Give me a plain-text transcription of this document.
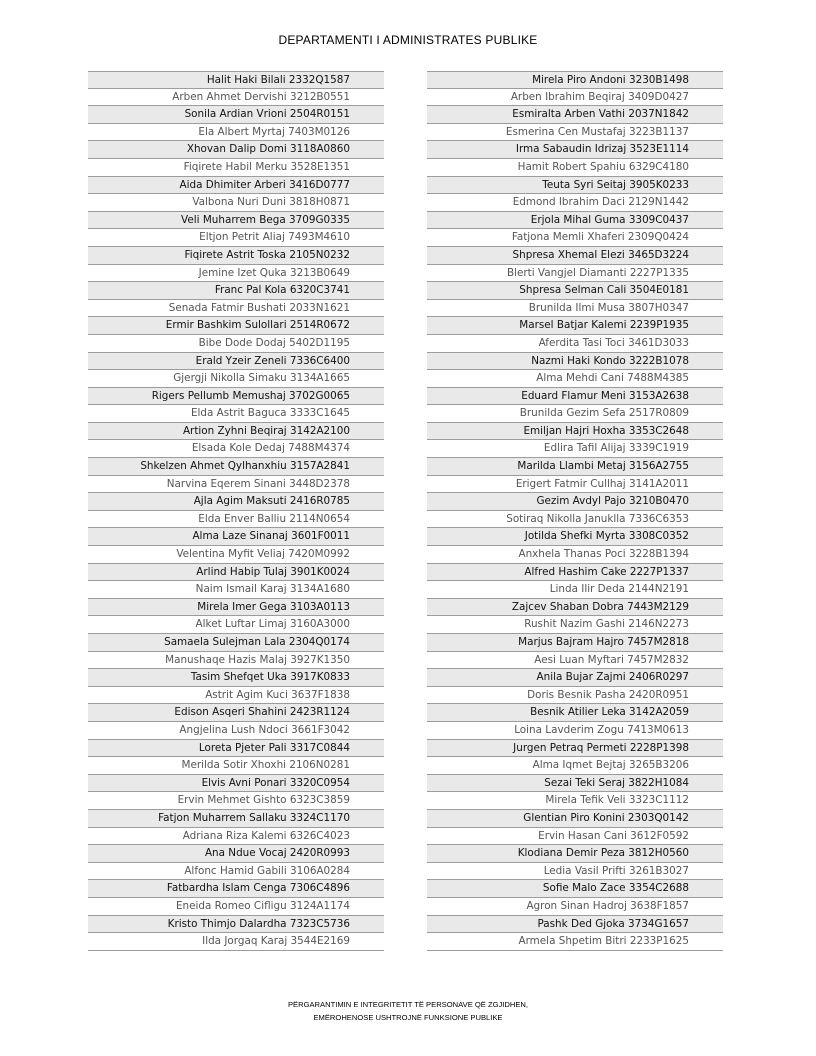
DEPARTAMENTI I ADMINISTRATES PUBLIKE
Halit Haki Bilali 2332Q1587
Arben Ahmet Dervishi 3212B0551
Sonila Ardian Vrioni 2504R0151
Ela Albert Myrtaj 7403M0126
Xhovan Dalip Domi 3118A0860
Fiqirete Habil Merku 3528E1351
Aida Dhimiter Arberi 3416D0777
Valbona Nuri Duni 3818H0871
Veli Muharrem Bega 3709G0335
Eltjon Petrit Aliaj 7493M4610
Fiqirete Astrit Toska 2105N0232
Jemine Izet Quka 3213B0649
Franc Pal Kola 6320C3741
Senada Fatmir Bushati 2033N1621
Ermir Bashkim Sulollari 2514R0672
Bibe Dode Dodaj 5402D1195
Erald Yzeir Zeneli 7336C6400
Gjergji Nikolla Simaku 3134A1665
Rigers Pellumb Memushaj 3702G0065
Elda Astrit Baguca 3333C1645
Artion Zyhni Beqiraj 3142A2100
Elsada Kole Dedaj 7488M4374
Shkelzen Ahmet Qylhanxhiu 3157A2841
Narvina Eqerem Sinani 3448D2378
Ajla Agim Maksuti 2416R0785
Elda Enver Balliu 2114N0654
Alma Laze Sinanaj 3601F0011
Velentina Myfit Veliaj 7420M0992
Arlind Habip Tulaj 3901K0024
Naim Ismail Karaj 3134A1680
Mirela Imer Gega 3103A0113
Alket Luftar Limaj 3160A3000
Samaela Sulejman Lala 2304Q0174
Manushaqe Hazis Malaj 3927K1350
Tasim Shefqet Uka 3917K0833
Astrit Agim Kuci 3637F1838
Edison Asqeri Shahini 2423R1124
Angjelina Lush Ndoci 3661F3042
Loreta Pjeter Pali 3317C0844
Merilda Sotir Xhoxhi 2106N0281
Elvis Avni Ponari 3320C0954
Ervin Mehmet Gishto 6323C3859
Fatjon Muharrem Sallaku 3324C1170
Adriana Riza Kalemi 6326C4023
Ana Ndue Vocaj 2420R0993
Alfonc Hamid Gabili 3106A0284
Fatbardha Islam Cenga 7306C4896
Eneida Romeo Cifligu 3124A1174
Kristo Thimjo Dalardha 7323C5736
Ilda Jorgaq Karaj 3544E2169
Mirela Piro Andoni 3230B1498
Arben Ibrahim Beqiraj 3409D0427
Esmiralta Arben Vathi 2037N1842
Esmerina Cen Mustafaj 3223B1137
Irma Sabaudin Idrizaj 3523E1114
Hamit Robert Spahiu 6329C4180
Teuta Syri Seitaj 3905K0233
Edmond Ibrahim Daci 2129N1442
Erjola Mihal Guma 3309C0437
Fatjona Memli Xhaferi 2309Q0424
Shpresa Xhemal Elezi 3465D3224
Blerti Vangjel Diamanti 2227P1335
Shpresa Selman Cali 3504E0181
Brunilda Ilmi Musa 3807H0347
Marsel Batjar Kalemi 2239P1935
Aferdita Tasi Toci 3461D3033
Nazmi Haki Kondo 3222B1078
Alma Mehdi Cani 7488M4385
Eduard Flamur Meni 3153A2638
Brunilda Gezim Sefa 2517R0809
Emiljan Hajri Hoxha 3353C2648
Edlira Tafil Alijaj 3339C1919
Marilda Llambi Metaj 3156A2755
Erigert Fatmir Cullhaj 3141A2011
Gezim Avdyl Pajo 3210B0470
Sotiraq Nikolla Januklla 7336C6353
Jotilda Shefki Myrta 3308C0352
Anxhela Thanas Poci 3228B1394
Alfred Hashim Cake 2227P1337
Linda Ilir Deda 2144N2191
Zajcev Shaban Dobra 7443M2129
Rushit Nazim Gashi 2146N2273
Marjus Bajram Hajro 7457M2818
Aesi Luan Myftari 7457M2832
Anila Bujar Zajmi 2406R0297
Doris Besnik Pasha 2420R0951
Besnik Atilier Leka 3142A2059
Loina Lavderim Zogu 7413M0613
Jurgen Petraq Permeti 2228P1398
Alma Iqmet Bejtaj 3265B3206
Sezai Teki Seraj 3822H1084
Mirela Tefik Veli 3323C1112
Glentian Piro Konini 2303Q0142
Ervin Hasan Cani 3612F0592
Klodiana Demir Peza 3812H0560
Ledia Vasil Prifti 3261B3027
Sofie Malo Zace 3354C2688
Agron Sinan Hadroj 3638F1857
Pashk Ded Gjoka 3734G1657
Armela Shpetim Bitri 2233P1625
PËRGARANTIMIN E INTEGRITETIT TË PERSONAVE QË ZGJIDHEN,
EMËROHENOSE USHTROJNË FUNKSIONE PUBLIKE
